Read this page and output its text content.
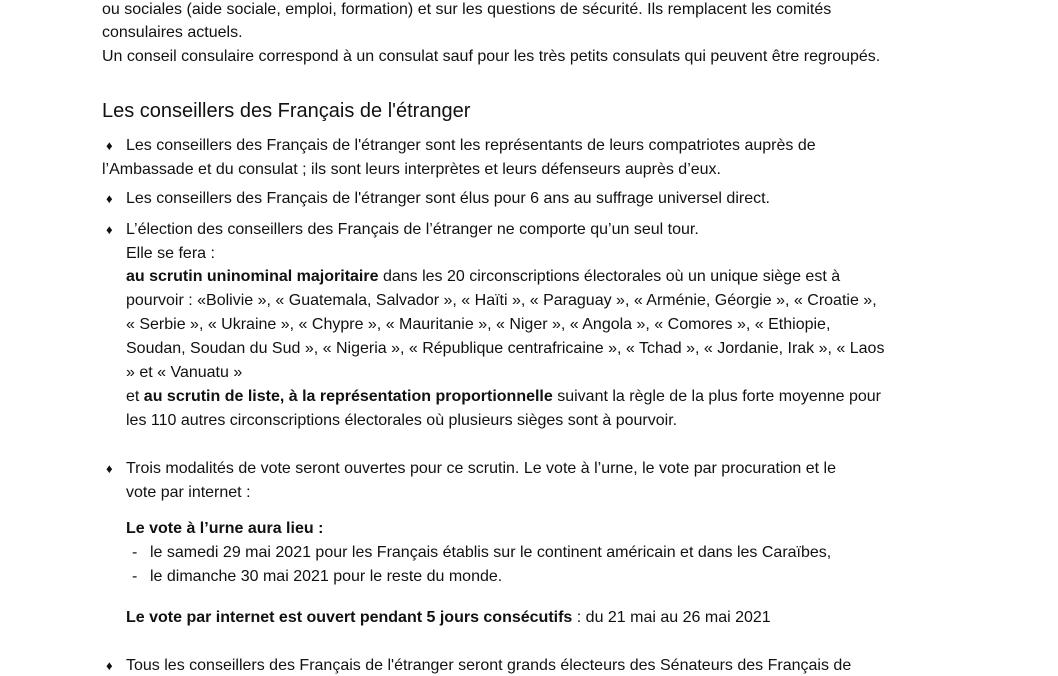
ou sociales (aide sociale, emploi, formation) et sur les questions de sécurité. Ils remplacent les comités
consulaires actuels.
Un conseil consulaire correspond à un consulat sauf pour les très petits consulats qui peuvent être regroupés.
Les conseillers des Français de l'étranger
♦ Les conseillers des Français de l'étranger sont les représentants de leurs compatriotes auprès de
l’Ambassade et du consulat ; ils sont leurs interprètes et leurs défenseurs auprès d’eux.
♦ Les conseillers des Français de l'étranger sont élus pour 6 ans au suffrage universel direct.
♦ L’élection des conseillers des Français de l’étranger ne comporte qu’un seul tour.
Elle se fera :
au scrutin uninominal majoritaire dans les 20 circonscriptions électorales où un unique siège est à
pourvoir : «Bolivie », « Guatemala, Salvador », « Haïti », « Paraguay », « Arménie, Géorgie », « Croatie »,
« Serbie », « Ukraine », « Chypre », « Mauritanie », « Niger », « Angola », « Comores », « Ethiopie,
Soudan, Soudan du Sud », « Nigeria », « République centrafricaine », « Tchad », « Jordanie, Irak », « Laos
» et « Vanuatu »
et au scrutin de liste, à la représentation proportionnelle suivant la règle de la plus forte moyenne pour
les 110 autres circonscriptions électorales où plusieurs sièges sont à pourvoir.
♦ Trois modalités de vote seront ouvertes pour ce scrutin. Le vote à l’urne, le vote par procuration et le
vote par internet :
Le vote à l’urne aura lieu :
- le samedi 29 mai 2021 pour les Français établis sur le continent américain et dans les Caraïbes,
- le dimanche 30 mai 2021 pour le reste du monde.
Le vote par internet est ouvert pendant 5 jours consécutifs : du 21 mai au 26 mai 2021
♦ Tous les conseillers des Français de l'étranger seront grands électeurs des Sénateurs des Français de
